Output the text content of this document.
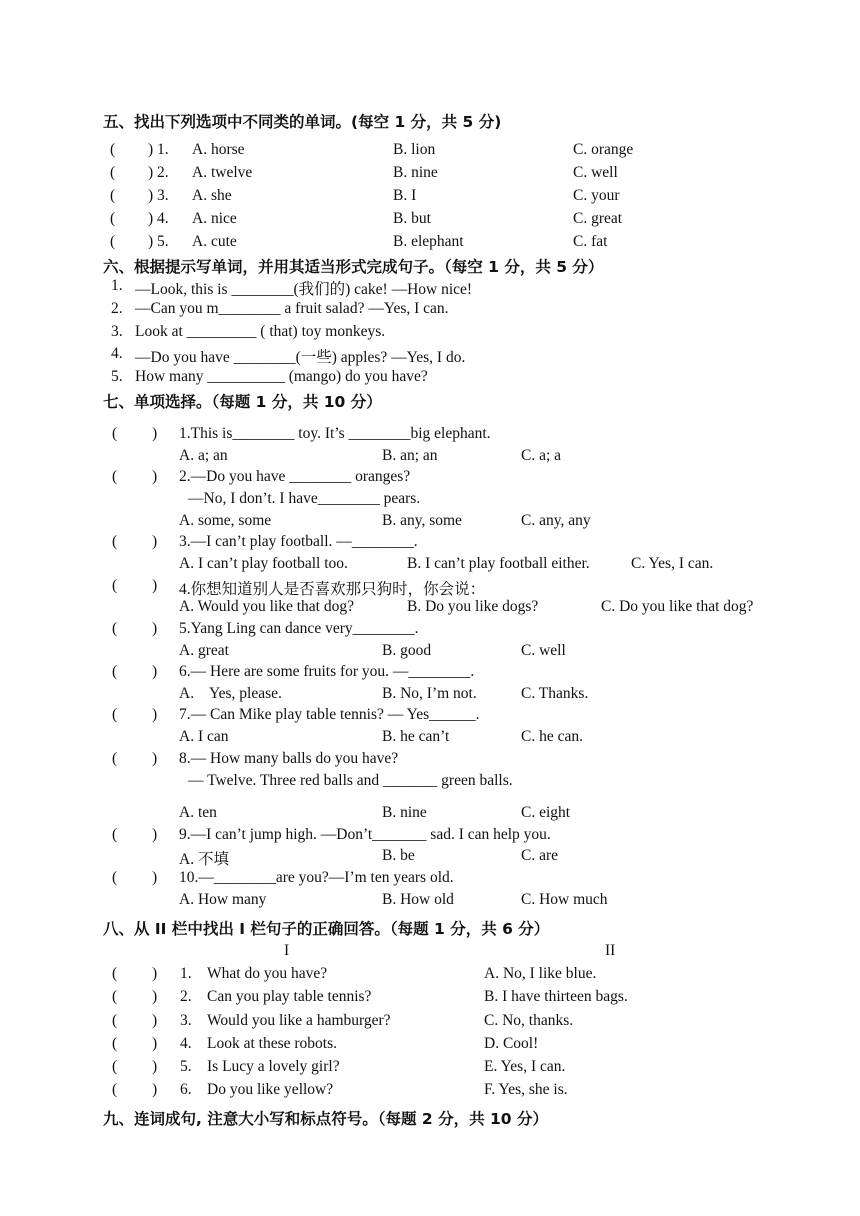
五、找出下列选项中不同类的单词。(每空 1 分，共 5 分)
( ) 1. A. horse	B. lion	C. orange
( ) 2. A. twelve	B. nine	C. well
( ) 3. A. she	B. I	C. your
( ) 4. A. nice	B. but	C. great
( ) 5. A. cute	B. elephant	C. fat
六、根据提示写单词，并用其适当形式完成句子。（每空 1 分，共 5 分）
1. —Look, this is ________(我们的) cake! —How nice!
2. —Can you m________ a fruit salad? —Yes, I can.
3. Look at _________ ( that) toy monkeys.
4. —Do you have ________(一些) apples? —Yes, I do.
5. How many __________ (mango) do you have?
七、单项选择。（每题 1 分，共 10 分）
( ) 1.This is________ toy. It’s ________big elephant.
A. a; an	B. an; an	C. a; a
( ) 2.—Do you have ________ oranges?
—No, I don’t. I have________ pears.
A. some, some	B. any, some	C. any, any
( ) 3.—I can’t play football. —________.
A. I can’t play football too.	B. I can’t play football either.	C. Yes, I can.
( ) 4.你想知道别人是否喜欢那只狗时，你会说：
A. Would you like that dog?	B. Do you like dogs?	C. Do you like that dog?
( ) 5.Yang Ling can dance very________.
A. great	B. good	C. well
( ) 6.— Here are some fruits for you. —________.
A.    Yes, please.	B. No, I’m not.	C. Thanks.
( ) 7.— Can Mike play table tennis? — Yes______.
A. I can	B. he can’t	C. he can.
( ) 8.— How many balls do you have?
— Twelve. Three red balls and _______ green balls.
A. ten	B. nine	C. eight
( ) 9.—I can’t jump high. —Don’t_______ sad. I can help you.
A. 不填	B. be	C. are
( ) 10.—________are you?—I’m ten years old.
A. How many	B. How old	C. How much
八、从 II 栏中找出 I 栏句子的正确回答。（每题 1 分，共 6 分）
I	II
( ) 1. What do you have?	A. No, I like blue.
( ) 2. Can you play table tennis?	B. I have thirteen bags.
( ) 3. Would you like a hamburger?	C. No, thanks.
( ) 4. Look at these robots.	D. Cool!
( ) 5. Is Lucy a lovely girl?	E. Yes, I can.
( ) 6. Do you like yellow?	F. Yes, she is.
九、连词成句, 注意大小写和标点符号。（每题 2 分，共 10 分）
